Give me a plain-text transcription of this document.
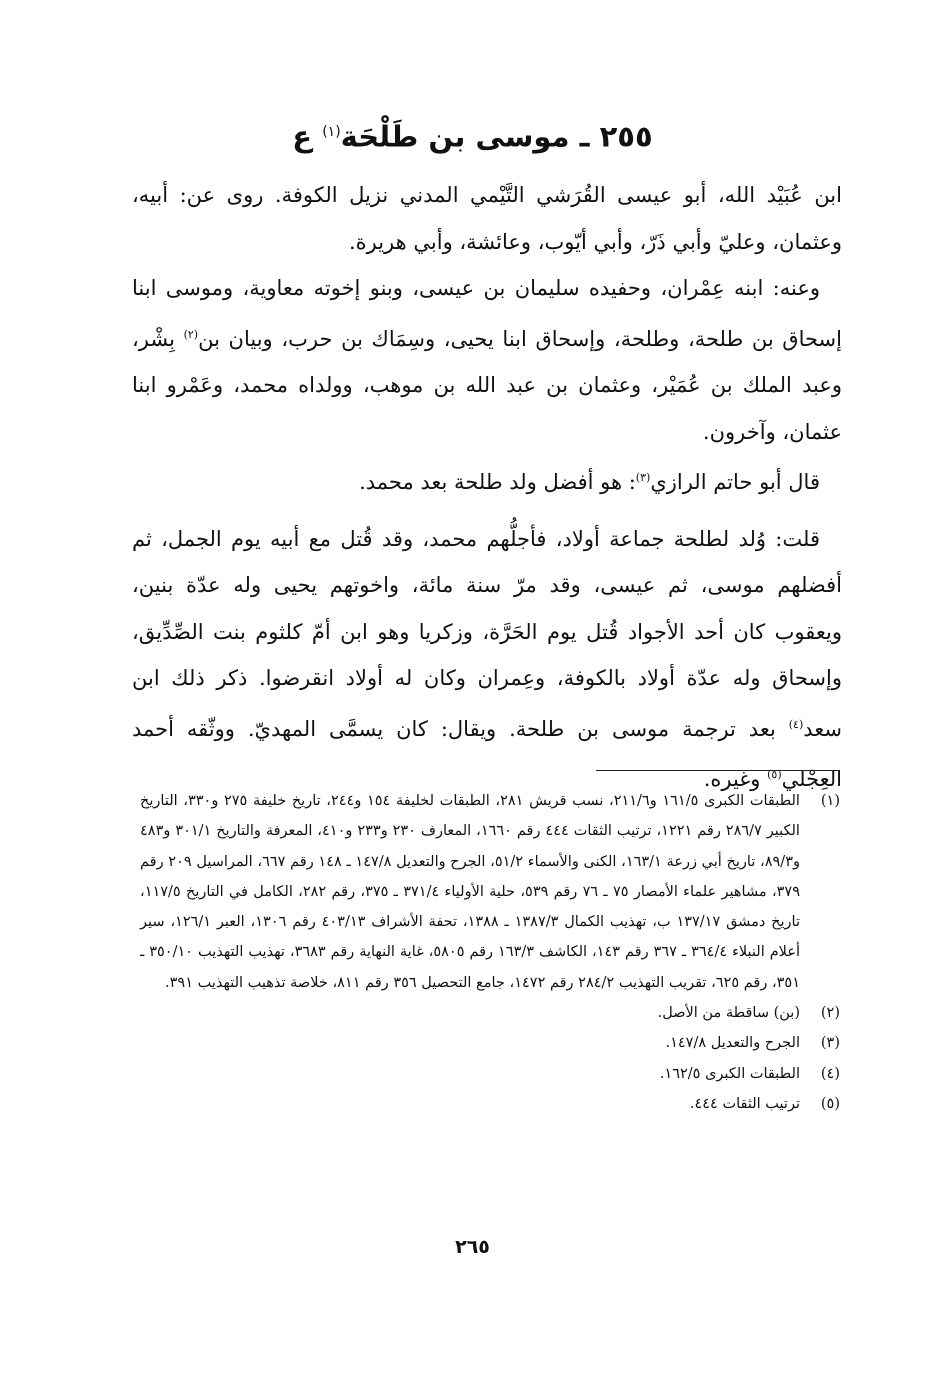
٢٥٥ ـ موسى بن طَلْحَة$^{(١)}$ ع

ابن عُبَيْد الله، أبو عيسى القُرَشي التَّيْمي المدني نزيل الكوفة. روى عن: أبيه، وعثمان، وعليّ وأبي ذَرّ، وأبي أيّوب، وعائشة، وأبي هريرة.

وعنه: ابنه عِمْران، وحفيده سليمان بن عيسى، وبنو إخوته معاوية، وموسى ابنا إسحاق بن طلحة، وطلحة، وإسحاق ابنا يحيى، وسِمَاك بن حرب، وبيان بن$^{(٢)}$ بِشْر، وعبد الملك بن عُمَيْر، وعثمان بن عبد الله بن موهب، وولداه محمد، وعَمْرو ابنا عثمان، وآخرون.

قال أبو حاتم الرازي$^{(٣)}$: هو أفضل ولد طلحة بعد محمد.

قلت: وُلد لطلحة جماعة أولاد، فأجلُّهم محمد، وقد قُتل مع أبيه يوم الجمل، ثم أفضلهم موسى، ثم عيسى، وقد مرّ سنة مائة، واخوتهم يحيى وله عدّة بنين، ويعقوب كان أحد الأجواد قُتل يوم الحَرَّة، وزكريا وهو ابن أمّ كلثوم بنت الصِّدِّيق، وإسحاق وله عدّة أولاد بالكوفة، وعِمران وكان له أولاد انقرضوا. ذكر ذلك ابن سعد$^{(٤)}$ بعد ترجمة موسى بن طلحة. ويقال: كان يسمَّى المهديّ. ووثّقه أحمد العِجْلي$^{(٥)}$ وغيره.

(١)
الطبقات الكبرى ١٦١/٥ و٢١١/٦، نسب قريش ٢٨١، الطبقات لخليفة ١٥٤ و٢٤٤، تاريخ خليفة ٢٧٥ و٣٣٠، التاريخ الكبير ٢٨٦/٧ رقم ١٢٢١، ترتيب الثقات ٤٤٤ رقم ١٦٦٠، المعارف ٢٣٠ و٢٣٣ و٤١٠، المعرفة والتاريخ ٣٠١/١ و٤٨٣ و٨٩/٣، تاريخ أبي زرعة ١٦٣/١، الكنى والأسماء ٥١/٢، الجرح والتعديل ١٤٧/٨ ـ ١٤٨ رقم ٦٦٧، المراسيل ٢٠٩ رقم ٣٧٩، مشاهير علماء الأمصار ٧٥ ـ ٧٦ رقم ٥٣٩، حلية الأولياء ٣٧١/٤ ـ ٣٧٥، رقم ٢٨٢، الكامل في التاريخ ١١٧/٥، تاريخ دمشق ١٣٧/١٧ ب، تهذيب الكمال ١٣٨٧/٣ ـ ١٣٨٨، تحفة الأشراف ٤٠٣/١٣ رقم ١٣٠٦، العبر ١٢٦/١، سير أعلام النبلاء ٣٦٤/٤ ـ ٣٦٧ رقم ١٤٣، الكاشف ١٦٣/٣ رقم ٥٨٠٥، غاية النهاية رقم ٣٦٨٣، تهذيب التهذيب ٣٥٠/١٠ ـ ٣٥١، رقم ٦٢٥، تقريب التهذيب ٢٨٤/٢ رقم ١٤٧٢، جامع التحصيل ٣٥٦ رقم ٨١١، خلاصة تذهيب التهذيب ٣٩١.
(٢)
(بن) ساقطة من الأصل.
(٣)
الجرح والتعديل ١٤٧/٨.
(٤)
الطبقات الكبرى ١٦٢/٥.
(٥)
ترتيب الثقات ٤٤٤.
٢٦٥
